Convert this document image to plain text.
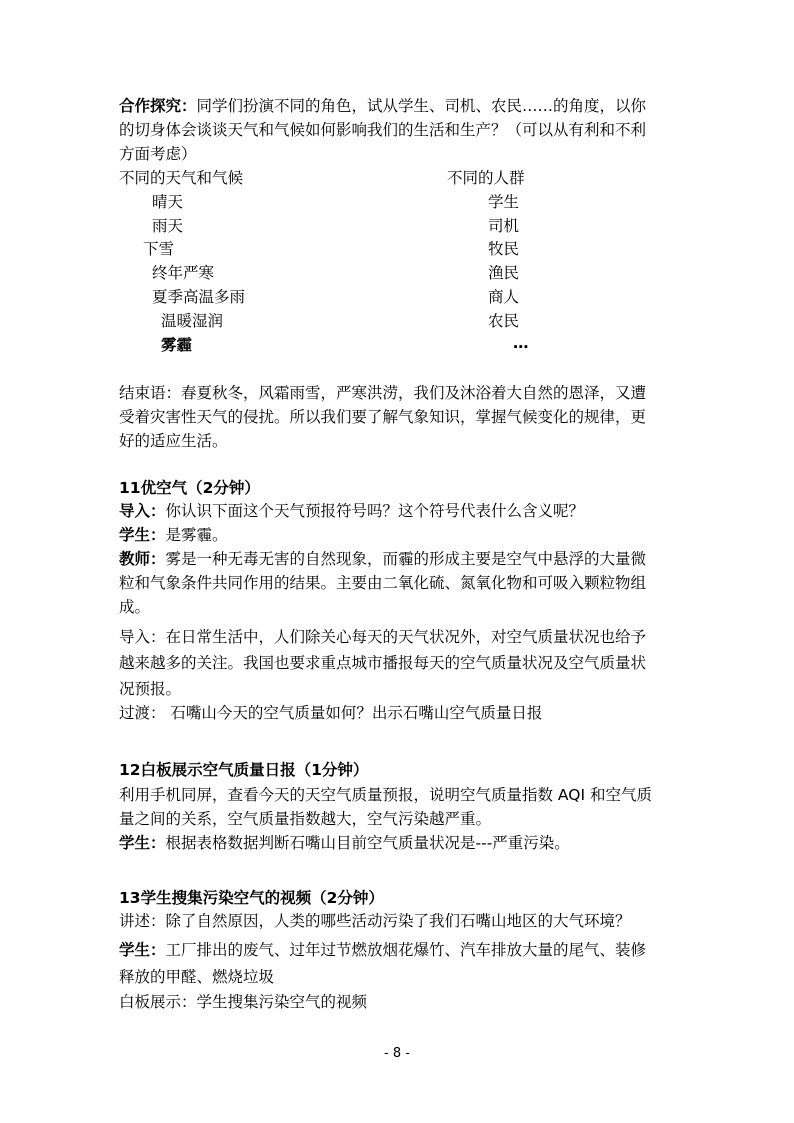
合作探究：同学们扮演不同的角色，试从学生、司机、农民……的角度，以你
的切身体会谈谈天气和气候如何影响我们的生活和生产？（可以从有利和不利
方面考虑）
不同的天气和气候	不同的人群
晴天
雨天
下雪
终年严寒
夏季高温多雨
温暖湿润
雾霾
学生
司机
牧民
渔民
商人
农民
…
结束语：春夏秋冬，风霜雨雪，严寒洪涝，我们及沐浴着大自然的恩泽，又遭
受着灾害性天气的侵扰。所以我们要了解气象知识，掌握气候变化的规律，更
好的适应生活。
11优空气（2分钟）
导入：你认识下面这个天气预报符号吗？这个符号代表什么含义呢？
学生：是雾霾。
教师：雾是一种无毒无害的自然现象，而霾的形成主要是空气中悬浮的大量微
粒和气象条件共同作用的结果。主要由二氧化硫、氮氧化物和可吸入颗粒物组
成。
导入：在日常生活中，人们除关心每天的天气状况外，对空气质量状况也给予
越来越多的关注。我国也要求重点城市播报每天的空气质量状况及空气质量状
况预报。
过渡： 石嘴山今天的空气质量如何？出示石嘴山空气质量日报
12白板展示空气质量日报（1分钟）
利用手机同屏，查看今天的天空气质量预报，说明空气质量指数 AQI 和空气质
量之间的关系，空气质量指数越大，空气污染越严重。
学生：根据表格数据判断石嘴山目前空气质量状况是---严重污染。
13学生搜集污染空气的视频（2分钟）
讲述：除了自然原因，人类的哪些活动污染了我们石嘴山地区的大气环境？
学生：工厂排出的废气、过年过节燃放烟花爆竹、汽车排放大量的尾气、装修
释放的甲醛、燃烧垃圾
白板展示：学生搜集污染空气的视频
- 8 -
